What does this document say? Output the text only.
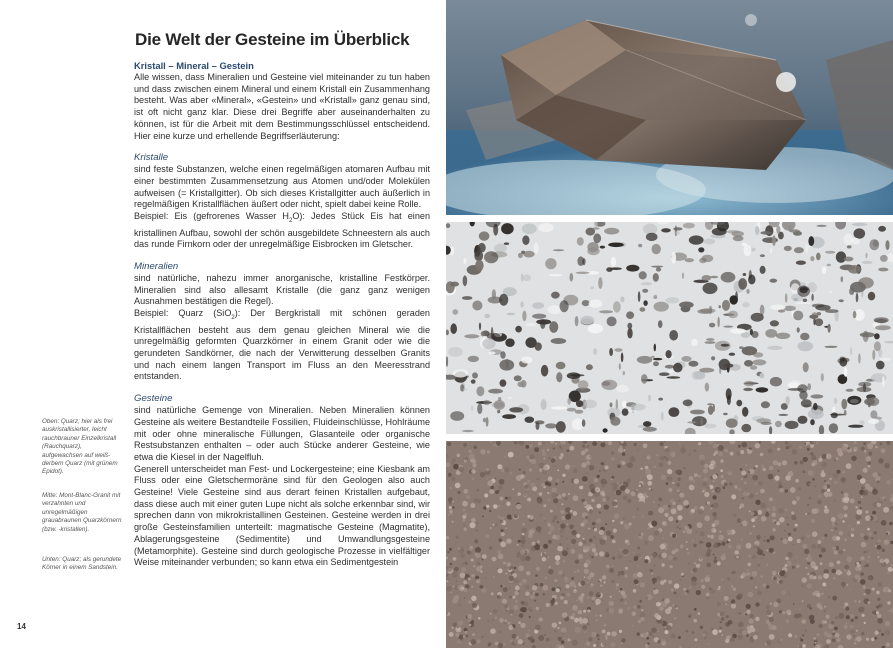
Die Welt der Gesteine im Überblick

Kristall – Mineral – Gestein

Alle wissen, dass Mineralien und Gesteine viel miteinander zu tun haben und dass zwischen einem Mineral und einem Kristall ein Zusammenhang besteht. Was aber «Mineral», «Gestein» und «Kristall» ganz genau sind, ist oft nicht ganz klar. Diese drei Begriffe aber auseinanderhalten zu können, ist für die Arbeit mit dem Bestimmungsschlüssel entscheidend. Hier eine kurze und erhellende Begriffserläuterung:

Kristalle

sind feste Substanzen, welche einen regelmäßigen atomaren Aufbau mit einer bestimmten Zusammensetzung aus Atomen und/oder Molekülen aufweisen (= Kristallgitter). Ob sich dieses Kristallgitter auch äußerlich in regelmäßigen Kristallflächen äußert oder nicht, spielt dabei keine Rolle.

Beispiel: Eis (gefrorenes Wasser $H_2O$): Jedes Stück Eis hat einen kristallinen Aufbau, sowohl der schön ausgebildete Schneestern als auch das runde Firnkorn oder der unregelmäßige Eisbrocken im Gletscher.

Mineralien

sind natürliche, nahezu immer anorganische, kristalline Festkörper. Mineralien sind also allesamt Kristalle (die ganz ganz wenigen Ausnahmen bestätigen die Regel).

Beispiel: Quarz (SiO$_2$): Der Bergkristall mit schönen geraden Kristallflächen besteht aus dem genau gleichen Mineral wie die unregelmäßig geformten Quarzkörner in einem Granit oder wie die gerundeten Sandkörner, die nach der Verwitterung desselben Granits und nach einem langen Transport im Fluss an den Meeresstrand entstanden.

Gesteine

sind natürliche Gemenge von Mineralien. Neben Mineralien können Gesteine als weitere Bestandteile Fossilien, Fluideinschlüsse, Hohlräume mit oder ohne mineralische Füllungen, Glasanteile oder organische Restsubstanzen enthalten – oder auch Stücke anderer Gesteine, wie etwa die Kiesel in der Nagelfluh.

Generell unterscheidet man Fest- und Lockergesteine; eine Kiesbank am Fluss oder eine Gletschermoräne sind für den Geologen also auch Gesteine! Viele Gesteine sind aus derart feinen Kristallen aufgebaut, dass diese auch mit einer guten Lupe nicht als solche erkennbar sind, wir sprechen dann von mikrokristallinen Gesteinen. Gesteine werden in drei große Gesteinsfamilien unterteilt: magmatische Gesteine (Magmatite), Ablagerungsgesteine (Sedimentite) und Umwandlungsgesteine (Metamorphite). Gesteine sind durch geologische Prozesse in vielfältiger Weise miteinander verbunden; so kann etwa ein Sedimentgestein

Oben: Quarz; hier als frei auskristallisierter, leicht rauchbrauner Einzelkristall (Rauchquarz), aufgewachsen auf weiß-derbem Quarz (mit grünem Epidot).

Mitte: Mont-Blanc-Granit mit verzahnten und unregelmäßigen grauabraunen Quarzkörnern (bzw. -kristallen).

Unten: Quarz; als gerundete Körner in einem Sandstein.

14
